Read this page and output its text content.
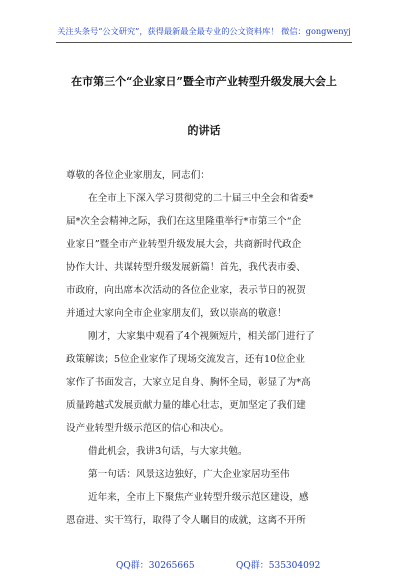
关注头条号“公文研究”，获得最新最全最专业的公文资料库！ 微信：gongwenyj
在市第三个“企业家日”暨全市产业转型升级发展大会上
的讲话
尊敬的各位企业家朋友，同志们：
在全市上下深入学习贯彻党的二十届三中全会和省委*
届*次全会精神之际，我们在这里隆重举行*市第三个“企
业家日”暨全市产业转型升级发展大会，共商新时代政企
协作大计、共谋转型升级发展新篇！首先，我代表市委、
市政府，向出席本次活动的各位企业家，表示节日的祝贺
并通过大家向全市企业家朋友们，致以崇高的敬意！
刚才，大家集中观看了4个视频短片，相关部门进行了
政策解读；5位企业家作了现场交流发言，还有10位企业
家作了书面发言，大家立足自身、胸怀全局，彰显了为*高
质量跨越式发展贡献力量的雄心壮志，更加坚定了我们建
设产业转型升级示范区的信心和决心。
借此机会，我讲3句话，与大家共勉。
第一句话：风景这边独好，广大企业家居功至伟
近年来，全市上下聚焦产业转型升级示范区建设，感
恩奋进、实干笃行，取得了令人瞩目的成就，这离不开所
QQ群：30265665	QQ群：535304092
